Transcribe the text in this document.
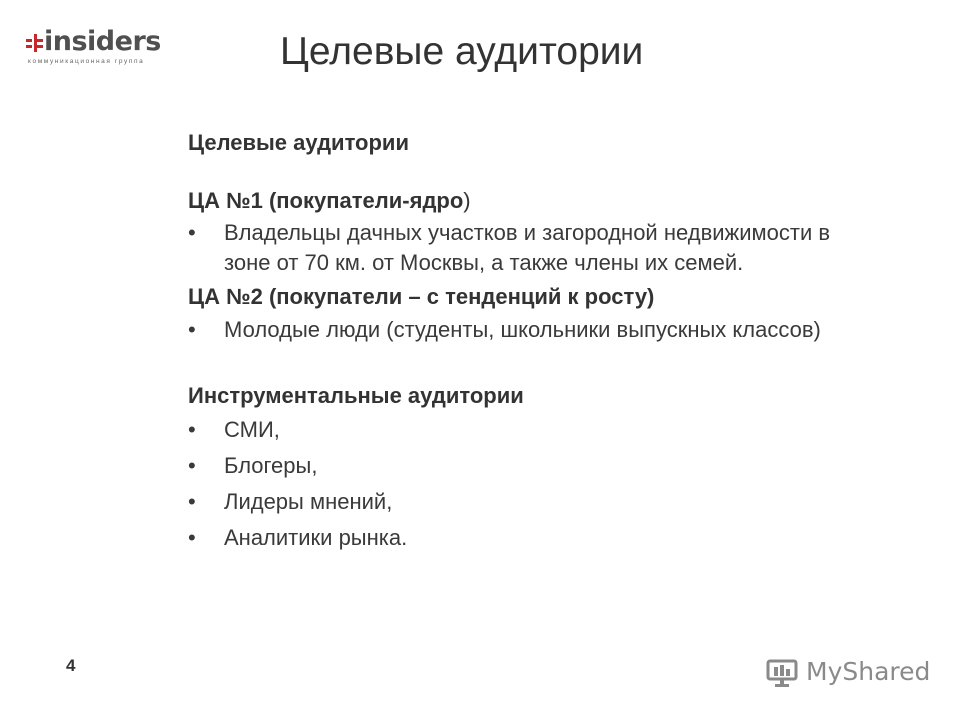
insiders
коммуникационная группа	Целевые аудитории

Целевые аудитории

ЦА №1 (покупатели-ядро)

• Владельцы дачных участков и загородной недвижимости в зоне от 70 км. от Москвы, а также члены их семей.

ЦА №2 (покупатели – с тенденций к росту)

• Молодые люди (студенты, школьники выпускных классов)

Инструментальные аудитории

• СМИ,
• Блогеры,
• Лидеры мнений,
• Аналитики рынка.
4	MyShared
